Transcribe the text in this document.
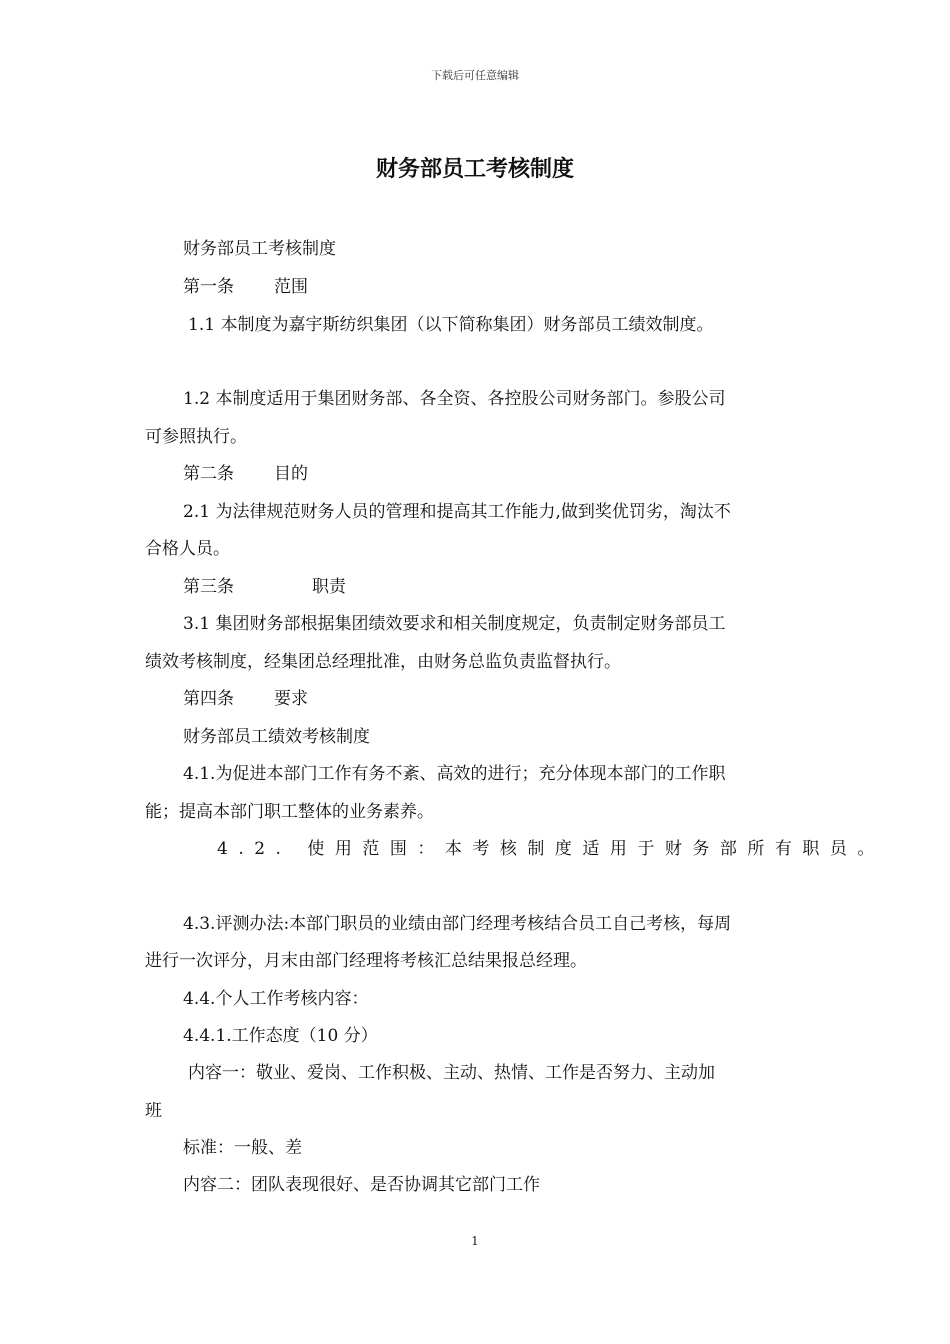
下载后可任意编辑
财务部员工考核制度
财务部员工考核制度
第一条 范围
1.1 本制度为嘉宇斯纺织集团（以下简称集团）财务部员工绩效制度。
1.2 本制度适用于集团财务部、各全资、各控股公司财务部门。参股公司
可参照执行。
第二条 目的
2.1 为法律规范财务人员的管理和提高其工作能力,做到奖优罚劣，淘汰不
合格人员。
第三条	职责
3.1 集团财务部根据集团绩效要求和相关制度规定，负责制定财务部员工
绩效考核制度，经集团总经理批准，由财务总监负责监督执行。
第四条 要求
财务部员工绩效考核制度
4.1.为促进本部门工作有务不紊、高效的进行；充分体现本部门的工作职
能；提高本部门职工整体的业务素养。
4.2. 使用范围：本考核制度适用于财务部所有职员。
4.3.评测办法:本部门职员的业绩由部门经理考核结合员工自己考核，每周
进行一次评分，月末由部门经理将考核汇总结果报总经理。
4.4.个人工作考核内容：
4.4.1.工作态度（10 分）
内容一：敬业、爱岗、工作积极、主动、热情、工作是否努力、主动加
班
标准：一般、差
内容二：团队表现很好、是否协调其它部门工作
1
